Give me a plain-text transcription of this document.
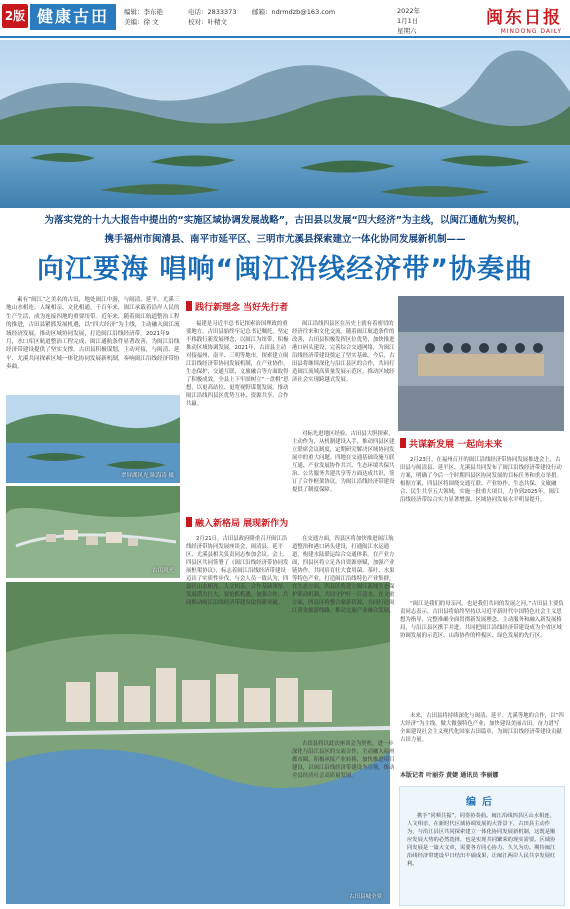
2版 健康古田	编辑：李东艳
美编：徐 文
电话：2833373
校对：叶精文
邮箱：ndrmdzb@163.com	2022年
1月1日
星期六
闽东日报
MINDONG DAILY
为落实党的十九大报告中提出的“实施区域协调发展战略”，古田县以发展“四大经济”为主线，以闽江通航为契机，
携手福州市闽清县、南平市延平区、三明市尤溪县探索建立一体化协同发展新机制——
向江要海 唱响“闽江沿线经济带”协奏曲
素有“闽江”之美名的古田，地处闽江中游，与闽清、延平、尤溪三地山水相连、人缘相亲、文化相通。千百年来，闽江承载着沿岸人民的生产生活，成为连接四地的重要纽带。近年来，随着闽江航道整治工程的推进，古田县紧抓发展机遇，以“四大经济”为主线，主动融入闽江流域经济发展，推动区域协同发展，打造闽江沿线经济带。2021年9月，水口库区航道整治工程完成，闽江通航条件显著改善，为闽江沿线经济带建设提供了坚实支撑。古田县积极谋划，主动对接，与闽清、延平、尤溪共同探索区域一体化协同发展新机制，奏响闽江沿线经济带协奏曲。
翠屏湖风光 陈海涛 摄
古田风光
古田县城全景
践行新理念 当好先行者
福建是习近平总书记探索治国理政的重要地方。古田县始终牢记总书记嘱托，坚定不移践行新发展理念，以闽江为纽带，积极推动区域协调发展。2021年，古田县主动对接福州、南平、三明等地市，探索建立闽江沿线经济带协同发展机制，在产业协作、生态保护、交通互联、文旅融合等方面取得了积极成效。全县上下牢固树立“一盘棋”思想，以更高站位、更宽视野谋划发展，推动闽江沿线四县区优势互补、资源共享、合作共赢。
闽江沿线四县区在历史上就有着密切的经济往来和文化交流。随着闽江航道条件的改善，古田县积极发挥区位优势，加快推进港口码头建设，完善综合交通网络，为闽江沿线经济带建设奠定了坚实基础。今后，古田县将继续深化与沿江县区的合作，共同打造闽江流域高质量发展示范区，推动区域经济社会实现跨越式发展。
对标先进地区经验，古田县大胆探索，主动作为，从机制建设入手，推动四县区建立联席会议制度，定期研究解决区域协同发展中的重大问题。四地在交通基础设施互联互通、产业发展协作共兴、生态环境共保共治、公共服务共建共享等方面达成共识，签订了合作框架协议，为闽江沿线经济带建设提供了制度保障。
融入新格局 展现新作为
2月21日，古田县政府隆重召开闽江沿线经济带协同发展座谈会，闽清县、延平区、尤溪县相关负责同志参加会议。会上，四县区共同签署了《闽江沿线经济带协同发展框架协议》，标志着闽江沿线经济带建设迈出了实质性步伐。与会人员一致认为，四县区山水相连、人文相亲，合作基础深厚，发展潜力巨大，要抢抓机遇，加强合作，共同推动闽江沿线经济带建设取得新突破。
在交通方面，四县区将加快推进闽江航道整治和港口码头建设，打通闽江水运通道，构建水陆联运综合交通体系。在产业方面，四县区将立足各自资源禀赋，加强产业链协作，共同培育壮大食用菌、茶叶、水果等特色产业，打造闽江沿线特色产业集群。在生态方面，四县区将建立闽江流域生态保护联动机制，共同守护好一江清水。在文旅方面，四县区将整合旅游资源，共同打造闽江黄金旅游线路，推动文旅产业融合发展。
古田县将以此次座谈会为契机，进一步深化与沿江县区的交流合作，主动融入福州都市圈，积极承接产业转移，加快推进项目建设，以闽江沿线经济带建设为引领，推动全县经济社会高质量发展。
共谋新发展 一起向未来
2月23日，在福州召开的闽江沿线经济带协同发展推进会上，古田县与闽清县、延平区、尤溪县共同发布了闽江沿线经济带建设行动方案，明确了今后一个时期四县区协同发展的目标任务和重点举措。根据方案，四县区将围绕交通互联、产业协作、生态共保、文旅融合、民生共享五大领域，实施一批重大项目，力争到2025年，闽江沿线经济带综合实力显著增强，区域协同发展水平明显提升。
“闽江是我们的母亲河，也是我们共同的发展之河。”古田县主要负责同志表示，古田县将始终坚持以习近平新时代中国特色社会主义思想为指导，完整准确全面贯彻新发展理念，主动服务和融入新发展格局，与沿江县区携手并进，共同把闽江沿线经济带建设成为全省区域协调发展的示范区、山海协作的样板区、绿色发展的先行区。
未来，古田县将持续深化与闽清、延平、尤溪等地的合作，以“四大经济”为主线，做大做强特色产业，加快建设美丽古田，奋力谱写全面建设社会主义现代化国家古田篇章，为闽江沿线经济带建设贡献古田力量。
本版记者 叶丽芬 黄婕 通讯员 李丽娜
编后
携手“同频共振”，同奏协奏曲。闽江沿线四县区山水相连、人文相亲，在新时代区域协调发展的大背景下，古田县主动作为，与沿江县区共同探索建立一体化协同发展新机制，这既是顺应发展大势的必然选择，也是实现共同繁荣的现实需要。区域协同发展是一篇大文章，需要各方同心协力、久久为功。期待闽江沿线经济带建设早日结出丰硕成果，让闽江两岸人民共享发展红利。
